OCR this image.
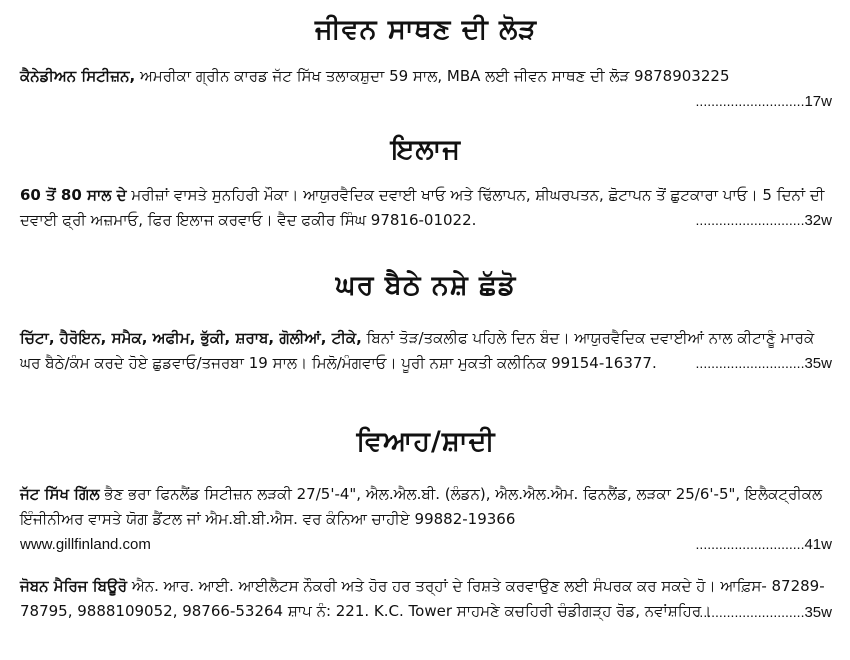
ਜੀਵਨ ਸਾਥਣ ਦੀ ਲੋੜ

ਕੈਨੇਡੀਅਨ ਸਿਟੀਜ਼ਨ, ਅਮਰੀਕਾ ਗ੍ਰੀਨ ਕਾਰਡ ਜੱਟ ਸਿੱਖ ਤਲਾਕਸ਼ੁਦਾ 59 ਸਾਲ, MBA ਲਈ ਜੀਵਨ ਸਾਥਣ ਦੀ ਲੋੜ 9878903225

............................17w
ਇਲਾਜ

60 ਤੋਂ 80 ਸਾਲ ਦੇ ਮਰੀਜ਼ਾਂ ਵਾਸਤੇ ਸੁਨਹਿਰੀ ਮੌਕਾ। ਆਯੁਰਵੈਦਿਕ ਦਵਾਈ ਖਾਓ ਅਤੇ ਢਿੱਲਾਪਨ, ਸ਼ੀਘਰਪਤਨ, ਛੋਟਾਪਨ ਤੋਂ ਛੁਟਕਾਰਾ ਪਾਓ। 5 ਦਿਨਾਂ ਦੀ ਦਵਾਈ ਫ੍ਰੀ ਅਜ਼ਮਾਓ, ਫਿਰ ਇਲਾਜ ਕਰਵਾਓ। ਵੈਦ ਫਕੀਰ ਸਿੰਘ 97816-01022.	............................32w
ਘਰ ਬੈਠੇ ਨਸ਼ੇ ਛੱਡੋ

ਚਿੱਟਾ, ਹੈਰੋਇਨ, ਸਮੈਕ, ਅਫੀਮ, ਭੁੱਕੀ, ਸ਼ਰਾਬ, ਗੋਲੀਆਂ, ਟੀਕੇ, ਬਿਨਾਂ ਤੋੜ/ਤਕਲੀਫ ਪਹਿਲੇ ਦਿਨ ਬੰਦ। ਆਯੁਰਵੈਦਿਕ ਦਵਾਈਆਂ ਨਾਲ ਕੀਟਾਣੂੰ ਮਾਰਕੇ ਘਰ ਬੈਠੇ/ਕੰਮ ਕਰਦੇ ਹੋਏ ਛੁਡਵਾਓ/ਤਜਰਬਾ 19 ਸਾਲ। ਮਿਲੋ/ਮੰਗਵਾਓ। ਪੂਰੀ ਨਸ਼ਾ ਮੁਕਤੀ ਕਲੀਨਿਕ 99154-16377.	............................35w
ਵਿਆਹ/ਸ਼ਾਦੀ

ਜੱਟ ਸਿੱਖ ਗਿੱਲ ਭੈਣ ਭਰਾ ਫਿਨਲੈਂਡ ਸਿਟੀਜ਼ਨ ਲੜਕੀ 27/5'-4", ਐਲ.ਐਲ.ਬੀ. (ਲੰਡਨ), ਐਲ.ਐਲ.ਐਮ. ਫਿਨਲੈਂਡ, ਲੜਕਾ 25/6'-5", ਇਲੈਕਟ੍ਰੀਕਲ ਇੰਜੀਨੀਅਰ ਵਾਸਤੇ ਯੋਗ ਡੈਂਟਲ ਜਾਂ ਐਮ.ਬੀ.ਬੀ.ਐਸ. ਵਰ ਕੰਨਿਆ ਚਾਹੀਏ 99882-19366

www.gillfinland.com	............................41w

ਜੋਬਨ ਮੈਰਿਜ ਬਿਊਰੋ ਐਨ. ਆਰ. ਆਈ. ਆਈਲੈਟਸ ਨੌਕਰੀ ਅਤੇ ਹੋਰ ਹਰ ਤਰ੍ਹਾਂ ਦੇ ਰਿਸ਼ਤੇ ਕਰਵਾਉਣ ਲਈ ਸੰਪਰਕ ਕਰ ਸਕਦੇ ਹੋ। ਆਫ਼ਿਸ- 87289-78795, 9888109052, 98766-53264 ਸ਼ਾਪ ਨੰ: 221. K.C. Tower ਸਾਹਮਣੇ ਕਚਹਿਰੀ ਚੰਡੀਗੜ੍ਹ ਰੋਡ, ਨਵਾਂਸ਼ਹਿਰ।

............................35w
